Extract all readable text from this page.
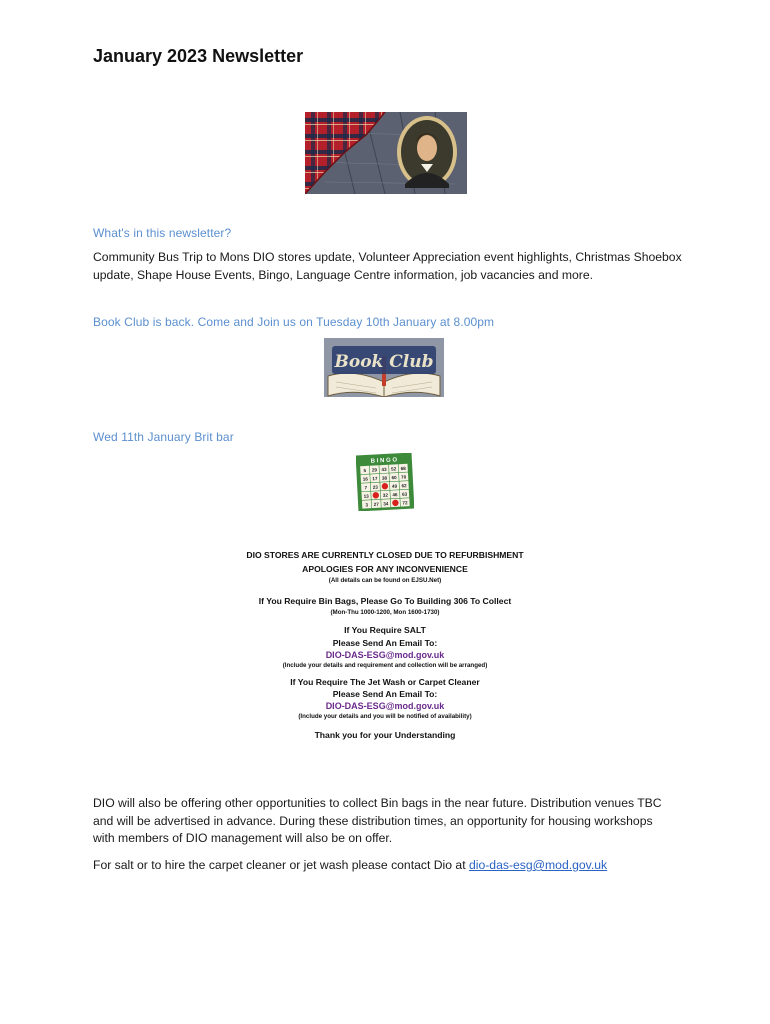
January 2023 Newsletter
What's in this newsletter?
Community Bus Trip to Mons DIO stores update, Volunteer Appreciation event highlights, Christmas Shoebox update, Shape House Events, Bingo, Language Centre information, job vacancies and more.
Book Club is back. Come and Join us on Tuesday 10th January at 8.00pm
Book Club
Wed 11th January Brit bar
B I N G O
5 29 43 52 68
16 17 38 60 70
7 23	49 62
13	32 46 63
3 27 34	72
DIO STORES ARE CURRENTLY CLOSED DUE TO REFURBISHMENT
APOLOGIES FOR ANY INCONVENIENCE
(All details can be found on EJSU.Net)
If You Require Bin Bags, Please Go To Building 306 To Collect
(Mon-Thu 1000-1200, Mon 1600-1730)
If You Require SALT
Please Send An Email To:
DIO-DAS-ESG@mod.gov.uk
(Include your details and requirement and collection will be arranged)
If You Require The Jet Wash or Carpet Cleaner
Please Send An Email To:
DIO-DAS-ESG@mod.gov.uk
(Include your details and you will be notified of availability)
Thank you for your Understanding
DIO will also be offering other opportunities to collect Bin bags in the near future. Distribution venues TBC and will be advertised in advance. During these distribution times, an opportunity for housing workshops with members of DIO management will also be on offer.
For salt or to hire the carpet cleaner or jet wash please contact Dio at dio-das-esg@mod.gov.uk
